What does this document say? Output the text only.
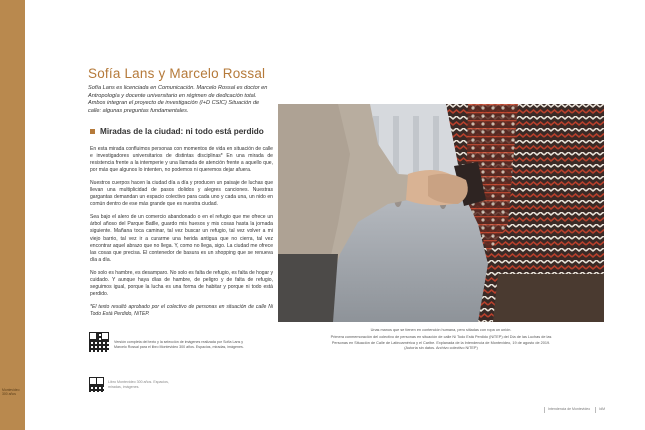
Montevideo
300 años
Sofía Lans y Marcelo Rossal
Sofía Lans es licenciada en Comunicación. Marcelo Rossal es doctor en Antropología y docente universitario en régimen de dedicación total. Ambos integran el proyecto de investigación (I+D CSIC) Situación de calle: algunas preguntas fundamentales.
Miradas de la ciudad: ni todo está perdido

En esta mirada confluimos personas con momentos de vida en situación de calle e investigadores universitarios de distintas disciplinas* En una mirada de resistencia frente a la intemperie y una llamada de atención frente a aquello que, por más que algunos lo intenten, no podemos ni queremos dejar afuera.

Nuestros cuerpos hacen la ciudad día a día y producen un paisaje de luchas que llevan una multiplicidad de pasos dolidos y alegres canciones. Nuestras gargantas demandan un espacio colectivo para cada uno y cada una, un nido en común dentro de ese más grande que es nuestra ciudad.

Sea bajo el alero de un comercio abandonado o en el refugio que me ofrece un árbol añoso del Parque Batlle, guardo mis huesos y mis cosas hasta la jornada siguiente. Mañana toca caminar, tal vez buscar un refugio, tal vez volver a mi viejo barrio, tal vez ir a curarme una herida antigua que no cierra, tal vez encontrar aquel abrazo que no llega. Y, como no llega, sigo. La ciudad me ofrece las cosas que precisa. El contenedor de basura es un shopping que se renueva día a día.

No solo es hambre, es desamparo. No solo es falta de refugio, es falta de hogar y cuidado. Y aunque haya días de hambre, de peligro y de falta de refugio, seguimos igual, porque la lucha es una forma de habitar y porque ni todo está perdido.

*El texto resultó aprobado por el colectivo de personas en situación de calle Ni Todo Está Perdido, NiTEP.

Versión completa del texto y la selección de imágenes realizada por Sofía Lans y Marcelo Rossal para el libro Montevideo 300 años. Espacios, miradas, imágenes.
Libro Montevideo 300 años. Espacios, miradas, imágenes.
Unas manos que se tienen en contención humana, pero sitiadas con ropa un unión.
Primera conmemoración del colectivo de personas en situación de calle Ni Todo Está Perdido (NiTEP) del Día de las Luchas de las Personas en Situación de Calle de Latinoamérica y el Caribe. Explanada de la Intendencia de Montevideo, 19 de agosto de 2019. (Autoría sin datos. Archivo colectivo NiTEP)
Intendencia de Montevideo	IdM
